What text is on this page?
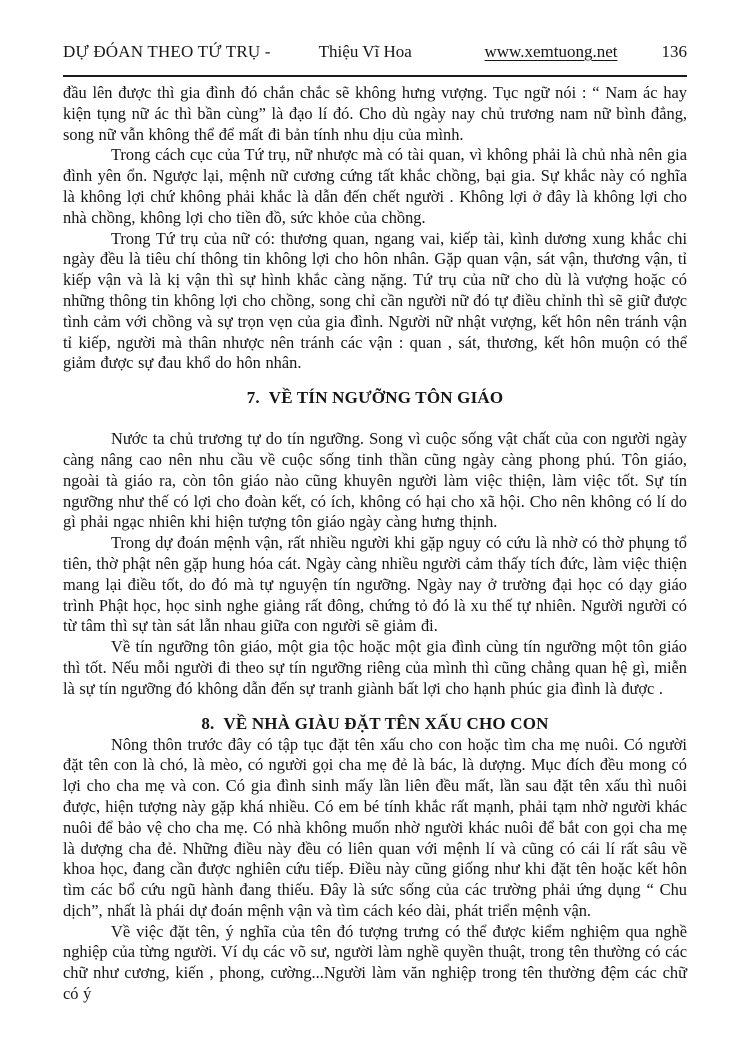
DỰ ĐÓAN THEO TỨ TRỤ -	Thiệu Vĩ Hoa	www.xemtuong.net	136

đầu lên được thì gia đình đó chắn chắc sẽ không hưng vượng. Tục ngữ nói : “ Nam ác hay kiện tụng nữ ác thì bần cùng” là đạo lí đó. Cho dù ngày nay chủ trương nam nữ bình đẳng, song nữ vẫn không thể để mất đi bản tính nhu dịu của mình.

Trong cách cục của Tứ trụ, nữ nhược mà có tài quan, vì không phải là chủ nhà nên gia đình yên ổn. Ngược lại, mệnh nữ cương cứng tất khắc chồng, bại gia. Sự khắc này có nghĩa là không lợi chứ không phải khắc là dẫn đến chết người . Không lợi ở đây là không lợi cho nhà chồng, không lợi cho tiền đồ, sức khỏe của chồng.

Trong Tứ trụ của nữ có: thương quan, ngang vai, kiếp tài, kình dương xung khắc chi ngày đều là tiêu chí thông tin không lợi cho hôn nhân. Gặp quan vận, sát vận, thương vận, tỉ kiếp vận và là kị vận thì sự hình khắc càng nặng. Tứ trụ của nữ cho dù là vượng hoặc có những thông tin không lợi cho chồng, song chỉ cần người nữ đó tự điều chỉnh thì sẽ giữ được tình cảm với chồng và sự trọn vẹn của gia đình. Người nữ nhật vượng, kết hôn nên tránh vận tỉ kiếp, người mà thân nhược nên tránh các vận : quan , sát, thương, kết hôn muộn có thể giảm được sự đau khổ do hôn nhân.

7.  VỀ TÍN NGƯỠNG TÔN GIÁO

Nước ta chủ trương tự do tín ngưỡng. Song vì cuộc sống vật chất của con người ngày càng nâng cao nên nhu cầu về cuộc sống tinh thần cũng ngày càng phong phú. Tôn giáo, ngoài tà giáo ra, còn tôn giáo nào cũng khuyên người làm việc thiện, làm việc tốt. Sự tín ngưỡng như thế có lợi cho đoàn kết, có ích, không có hại cho xã hội. Cho nên không có lí do gì phải ngạc nhiên khi hiện tượng tôn giáo ngày càng hưng thịnh.

Trong dự đoán mệnh vận, rất nhiều người khi gặp nguy có cứu là nhờ có thờ phụng tổ tiên, thờ phật nên gặp hung hóa cát. Ngày càng nhiều người cảm thấy tích đức, làm việc thiện mang lại điều tốt, do đó mà tự nguyện tín ngưỡng. Ngày nay ở trường đại học có dạy giáo trình Phật học, học sinh nghe giảng rất đông, chứng tỏ đó là xu thế tự nhiên. Người người có từ tâm thì sự tàn sát lẫn nhau giữa con người sẽ giảm đi.

Về tín ngưỡng tôn giáo, một gia tộc hoặc một gia đình cùng tín ngưỡng một tôn giáo thì tốt. Nếu mỗi người đi theo sự tín ngưỡng riêng của mình thì cũng chẳng quan hệ gì, miễn là sự tín ngưỡng đó không dẫn đến sự tranh giành bất lợi cho hạnh phúc gia đình là được .

8.  VỀ NHÀ GIÀU ĐẶT TÊN XẤU CHO CON

Nông thôn trước đây có tập tục đặt tên xấu cho con hoặc tìm cha mẹ nuôi. Có người đặt tên con là chó, là mèo, có người gọi cha mẹ đẻ là bác, là dượng. Mục đích đều mong có lợi cho cha mẹ và con. Có gia đình sinh mấy lần liên đều mất, lần sau đặt tên xấu thì nuôi được, hiện tượng này gặp khá nhiều. Có em bé tính khắc rất mạnh, phải tạm nhờ người khác nuôi để bảo vệ cho cha mẹ. Có nhà không muốn nhờ người khác nuôi để bắt con gọi cha mẹ là dượng cha đẻ. Những điều này đều có liên quan với mệnh lí và cũng có cái lí rất sâu về khoa học, đang cần được nghiên cứu tiếp. Điều này cũng giống như khi đặt tên hoặc kết hôn tìm các bổ cứu ngũ hành đang thiếu. Đây là sức sống của các trường phải ứng dụng “ Chu dịch”, nhất là phái dự đoán mệnh vận và tìm cách kéo dài, phát triển mệnh vận.

Về việc đặt tên, ý nghĩa của tên đó tượng trưng có thể được kiểm nghiệm qua nghề nghiệp của từng người. Ví dụ các võ sư, người làm nghề quyền thuật, trong tên thường có các chữ như cương, kiến , phong, cường...Người làm văn nghiệp trong tên thường đệm các chữ có ý
